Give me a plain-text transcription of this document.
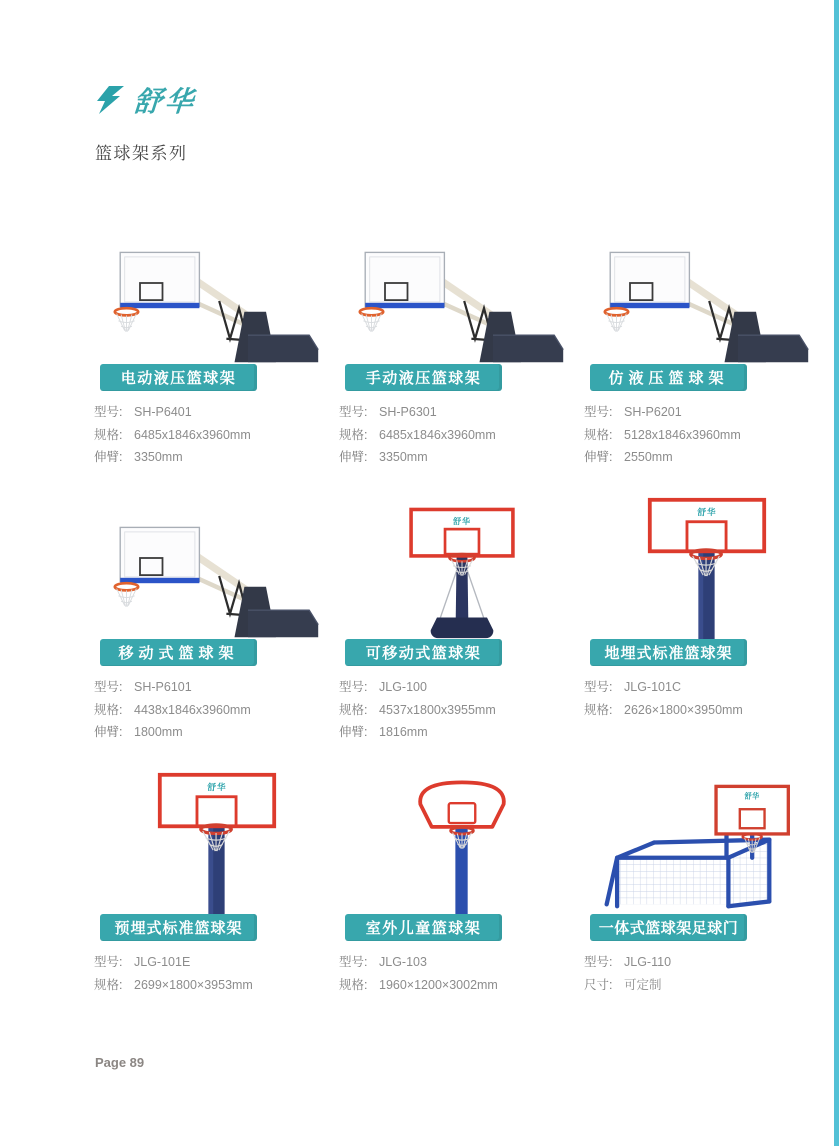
舒华
篮球架系列
电动液压篮球架
型号: SH-P6401
规格: 6485x1846x3960mm
伸臂: 3350mm
手动液压篮球架
型号: SH-P6301
规格: 6485x1846x3960mm
伸臂: 3350mm
仿液压篮球架
型号: SH-P6201
规格: 5128x1846x3960mm
伸臂: 2550mm
移动式篮球架
型号: SH-P6101
规格: 4438x1846x3960mm
伸臂: 1800mm
可移动式篮球架
型号: JLG-100
规格: 4537x1800x3955mm
伸臂: 1816mm
地埋式标准篮球架
型号: JLG-101C
规格: 2626×1800×3950mm
预埋式标准篮球架
型号: JLG-101E
规格: 2699×1800×3953mm
室外儿童篮球架
型号: JLG-103
规格: 1960×1200×3002mm
一体式篮球架足球门
型号: JLG-110
尺寸: 可定制
Page 89
